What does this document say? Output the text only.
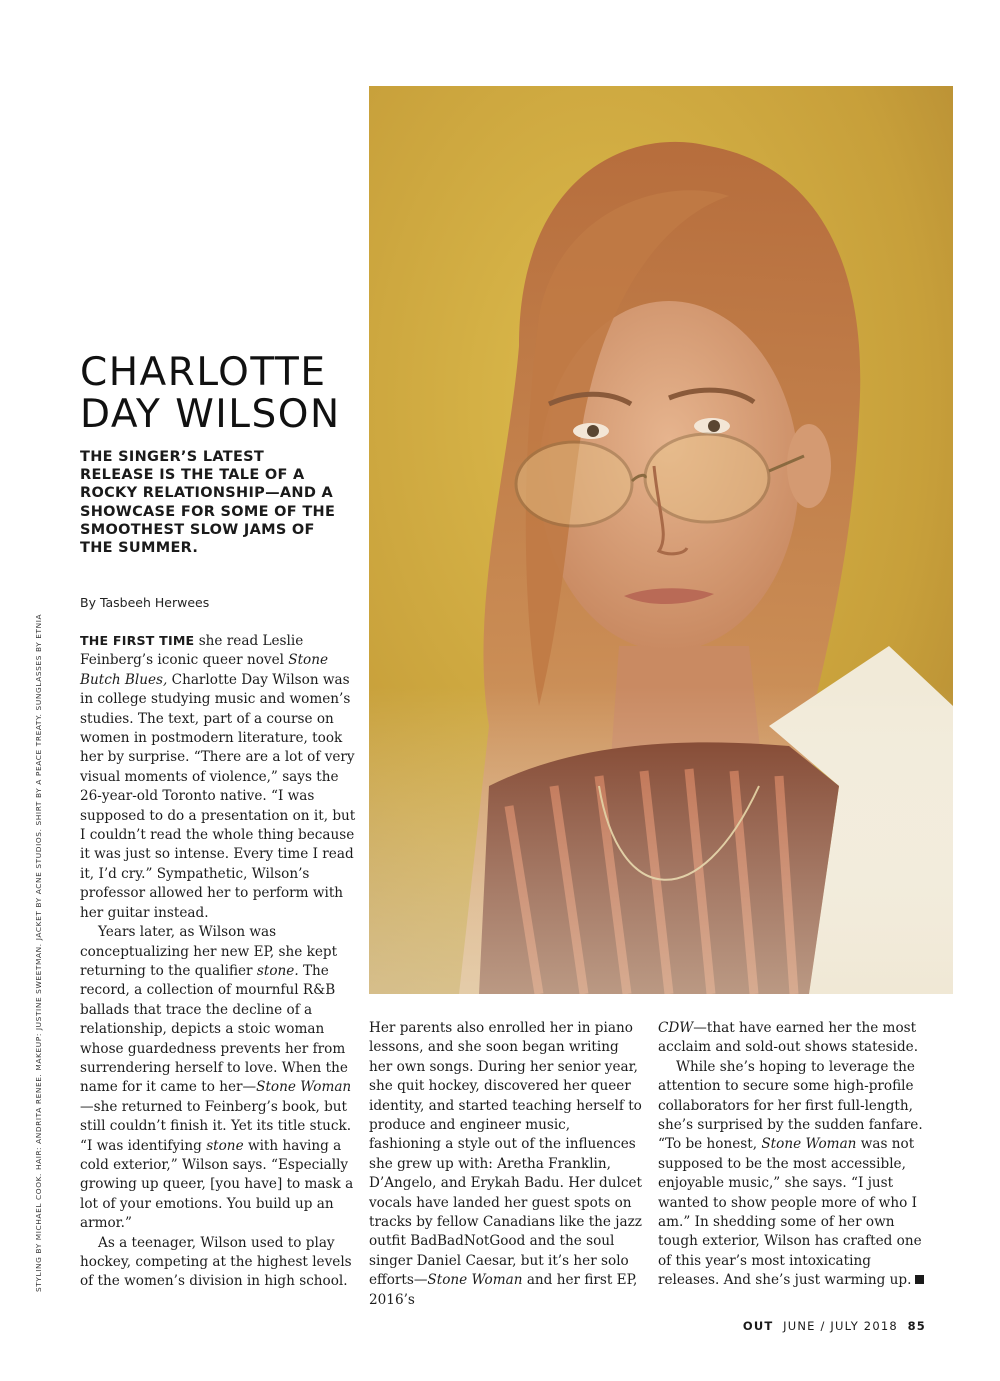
CHARLOTTE
DAY WILSON

THE SINGER’S LATEST RELEASE IS THE TALE OF A ROCKY RELATIONSHIP—AND A SHOWCASE FOR SOME OF THE SMOOTHEST SLOW JAMS OF THE SUMMER.

By Tasbeeh Herwees
STYLING BY MICHAEL COOK. HAIR: ANDRITA RENEE. MAKEUP: JUSTINE SWEETMAN. JACKET BY ACNE STUDIOS. SHIRT BY A PEACE TREATY. SUNGLASSES BY ETNIA	THE FIRST TIME she read Leslie Feinberg’s iconic queer novel Stone Butch Blues, Charlotte Day Wilson was in college studying music and women’s studies. The text, part of a course on women in postmodern literature, took her by surprise. “There are a lot of very visual moments of violence,” says the 26-year-old Toronto native. “I was supposed to do a presentation on it, but I couldn’t read the whole thing because it was just so intense. Every time I read it, I’d cry.” Sympathetic, Wilson’s professor allowed her to perform with her guitar instead.

Years later, as Wilson was conceptualizing her new EP, she kept returning to the qualifier stone. The record, a collection of mournful R&B ballads that trace the decline of a relationship, depicts a stoic woman whose guardedness prevents her from surrendering herself to love. When the name for it came to her—Stone Woman—she returned to Feinberg’s book, but still couldn’t finish it. Yet its title stuck. “I was identifying stone with having a cold exterior,” Wilson says. “Especially growing up queer, [you have] to mask a lot of your emotions. You build up an armor.”

As a teenager, Wilson used to play hockey, competing at the highest levels of the women’s division in high school.

Her parents also enrolled her in piano lessons, and she soon began writing her own songs. During her senior year, she quit hockey, discovered her queer identity, and started teaching herself to produce and engineer music, fashioning a style out of the influences she grew up with: Aretha Franklin, D’Angelo, and Erykah Badu. Her dulcet vocals have landed her guest spots on tracks by fellow Canadians like the jazz outfit BadBadNotGood and the soul singer Daniel Caesar, but it’s her solo efforts—Stone Woman and her first EP, 2016’s

CDW—that have earned her the most acclaim and sold-out shows stateside.

While she’s hoping to leverage the attention to secure some high-profile collaborators for her first full-length, she’s surprised by the sudden fanfare. “To be honest, Stone Woman was not supposed to be the most accessible, enjoyable music,” she says. “I just wanted to show people more of who I am.” In shedding some of her own tough exterior, Wilson has crafted one of this year’s most intoxicating releases. And she’s just warming up.

OUT JUNE / JULY 2018 85
